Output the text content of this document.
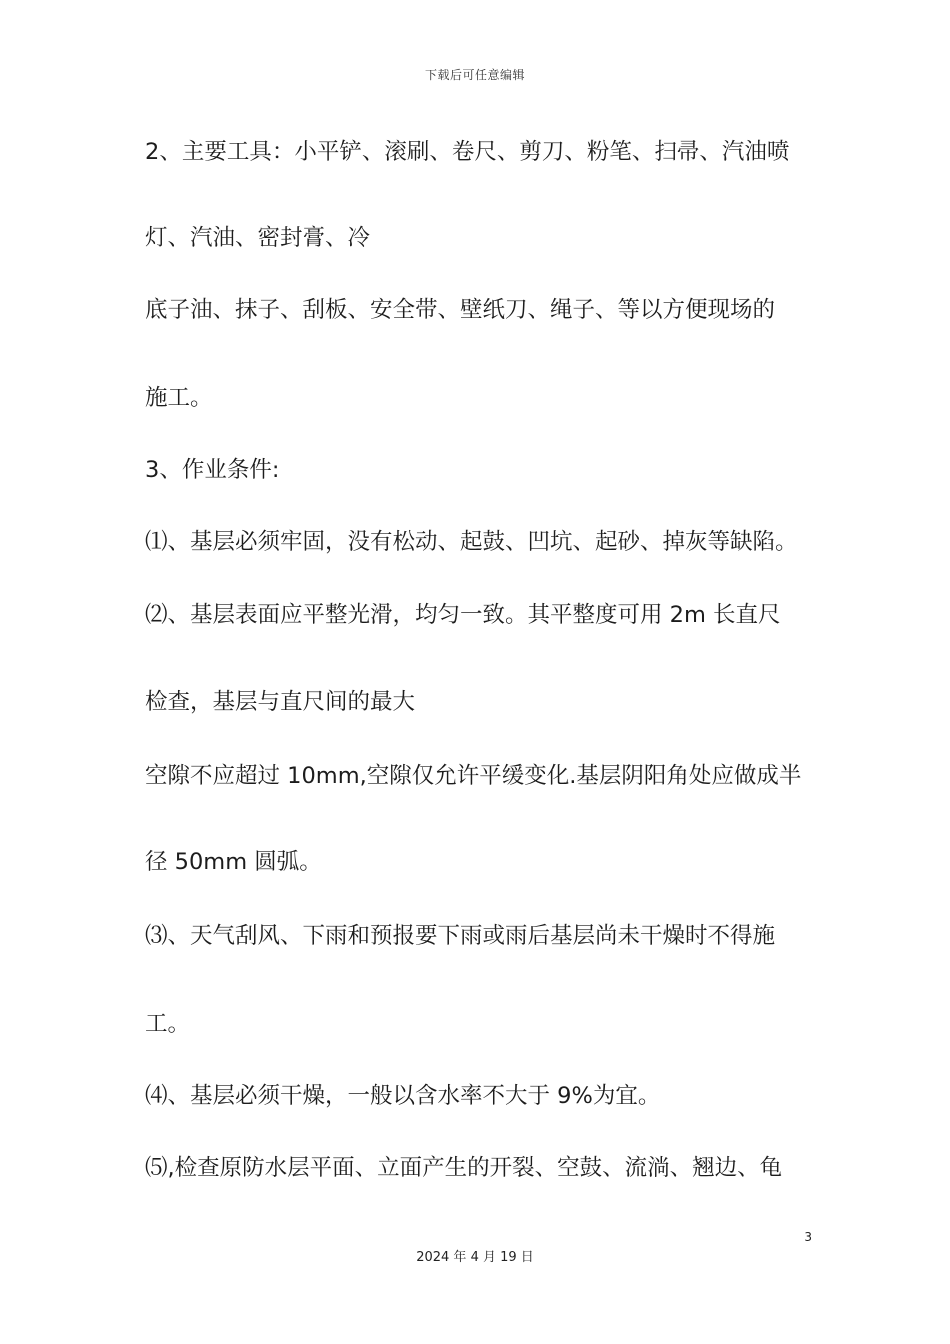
下载后可任意编辑
2、主要工具：小平铲、滚刷、卷尺、剪刀、粉笔、扫帚、汽油喷
灯、汽油、密封膏、冷
底子油、抹子、刮板、安全带、壁纸刀、绳子、等以方便现场的
施工。
3、作业条件:
⑴、基层必须牢固，没有松动、起鼓、凹坑、起砂、掉灰等缺陷。
⑵、基层表面应平整光滑，均匀一致。其平整度可用 2m 长直尺
检查，基层与直尺间的最大
空隙不应超过 10mm,空隙仅允许平缓变化.基层阴阳角处应做成半
径 50mm 圆弧。
⑶、天气刮风、下雨和预报要下雨或雨后基层尚未干燥时不得施
工。
⑷、基层必须干燥，一般以含水率不大于 9%为宜。
⑸,检查原防水层平面、立面产生的开裂、空鼓、流淌、翘边、龟
3
2024 年 4 月 19 日
